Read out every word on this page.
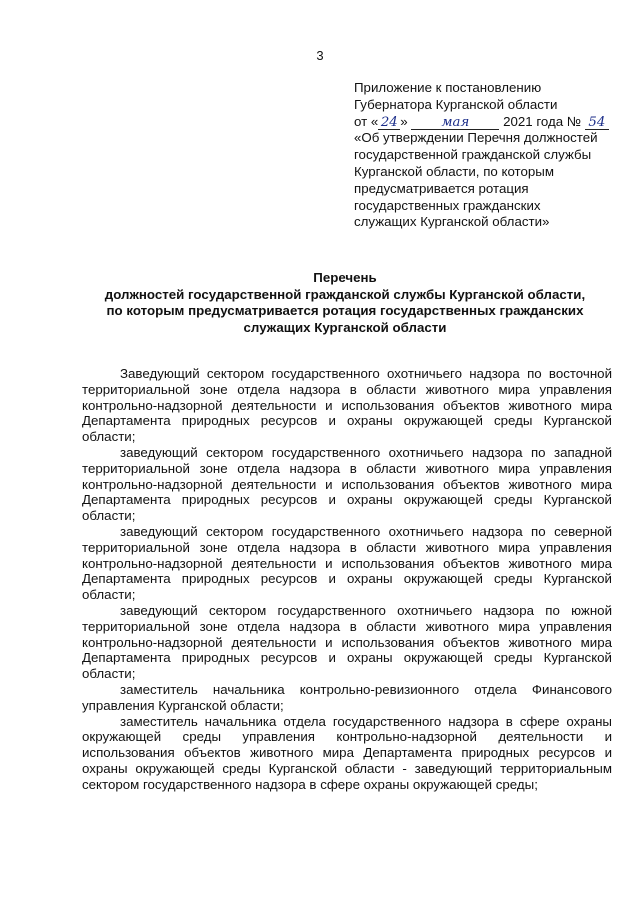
3
Приложение к постановлению
Губернатора Курганской области
от « 24 » мая 2021 года № 54
«Об утверждении Перечня должностей
государственной гражданской службы
Курганской области, по которым
предусматривается ротация
государственных гражданских
служащих Курганской области»
Перечень
должностей государственной гражданской службы Курганской области,
по которым предусматривается ротация государственных гражданских
служащих Курганской области

Заведующий сектором государственного охотничьего надзора по восточной территориальной зоне отдела надзора в области животного мира управления контрольно-надзорной деятельности и использования объектов животного мира Департамента природных ресурсов и охраны окружающей среды Курганской области;

заведующий сектором государственного охотничьего надзора по западной территориальной зоне отдела надзора в области животного мира управления контрольно-надзорной деятельности и использования объектов животного мира Департамента природных ресурсов и охраны окружающей среды Курганской области;

заведующий сектором государственного охотничьего надзора по северной территориальной зоне отдела надзора в области животного мира управления контрольно-надзорной деятельности и использования объектов животного мира Департамента природных ресурсов и охраны окружающей среды Курганской области;

заведующий сектором государственного охотничьего надзора по южной территориальной зоне отдела надзора в области животного мира управления контрольно-надзорной деятельности и использования объектов животного мира Департамента природных ресурсов и охраны окружающей среды Курганской области;

заместитель начальника контрольно-ревизионного отдела Финансового управления Курганской области;

заместитель начальника отдела государственного надзора в сфере охраны окружающей среды управления контрольно-надзорной деятельности и использования объектов животного мира Департамента природных ресурсов и охраны окружающей среды Курганской области - заведующий территориальным сектором государственного надзора в сфере охраны окружающей среды;
